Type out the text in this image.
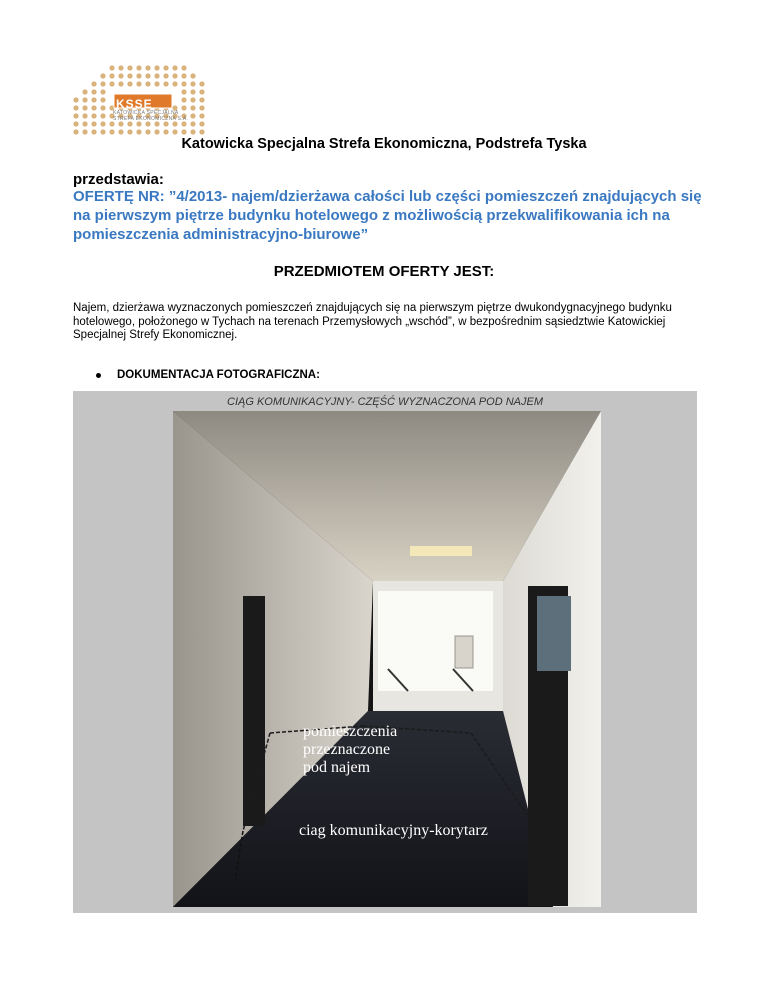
KSSE
KATOWICKA SPECJALNA
STREFA EKONOMICZNA S.A.
Katowicka Specjalna Strefa Ekonomiczna, Podstrefa Tyska
przedstawia:
OFERTĘ NR: ”4/2013- najem/dzierżawa całości lub części pomieszczeń znajdujących się na pierwszym piętrze budynku hotelowego z możliwością przekwalifikowania ich na pomieszczenia administracyjno-biurowe”
PRZEDMIOTEM OFERTY JEST:
Najem, dzierżawa wyznaczonych pomieszczeń znajdujących się na pierwszym piętrze dwukondygnacyjnego budynku hotelowego, położonego w Tychach na terenach Przemysłowych „wschód”, w bezpośrednim sąsiedztwie Katowickiej Specjalnej Strefy Ekonomicznej.
DOKUMENTACJA FOTOGRAFICZNA:
CIĄG KOMUNIKACYJNY- CZĘŚĆ WYZNACZONA POD NAJEM
pomieszczenia
przeznaczone
pod najem
ciag komunikacyjny-korytarz
